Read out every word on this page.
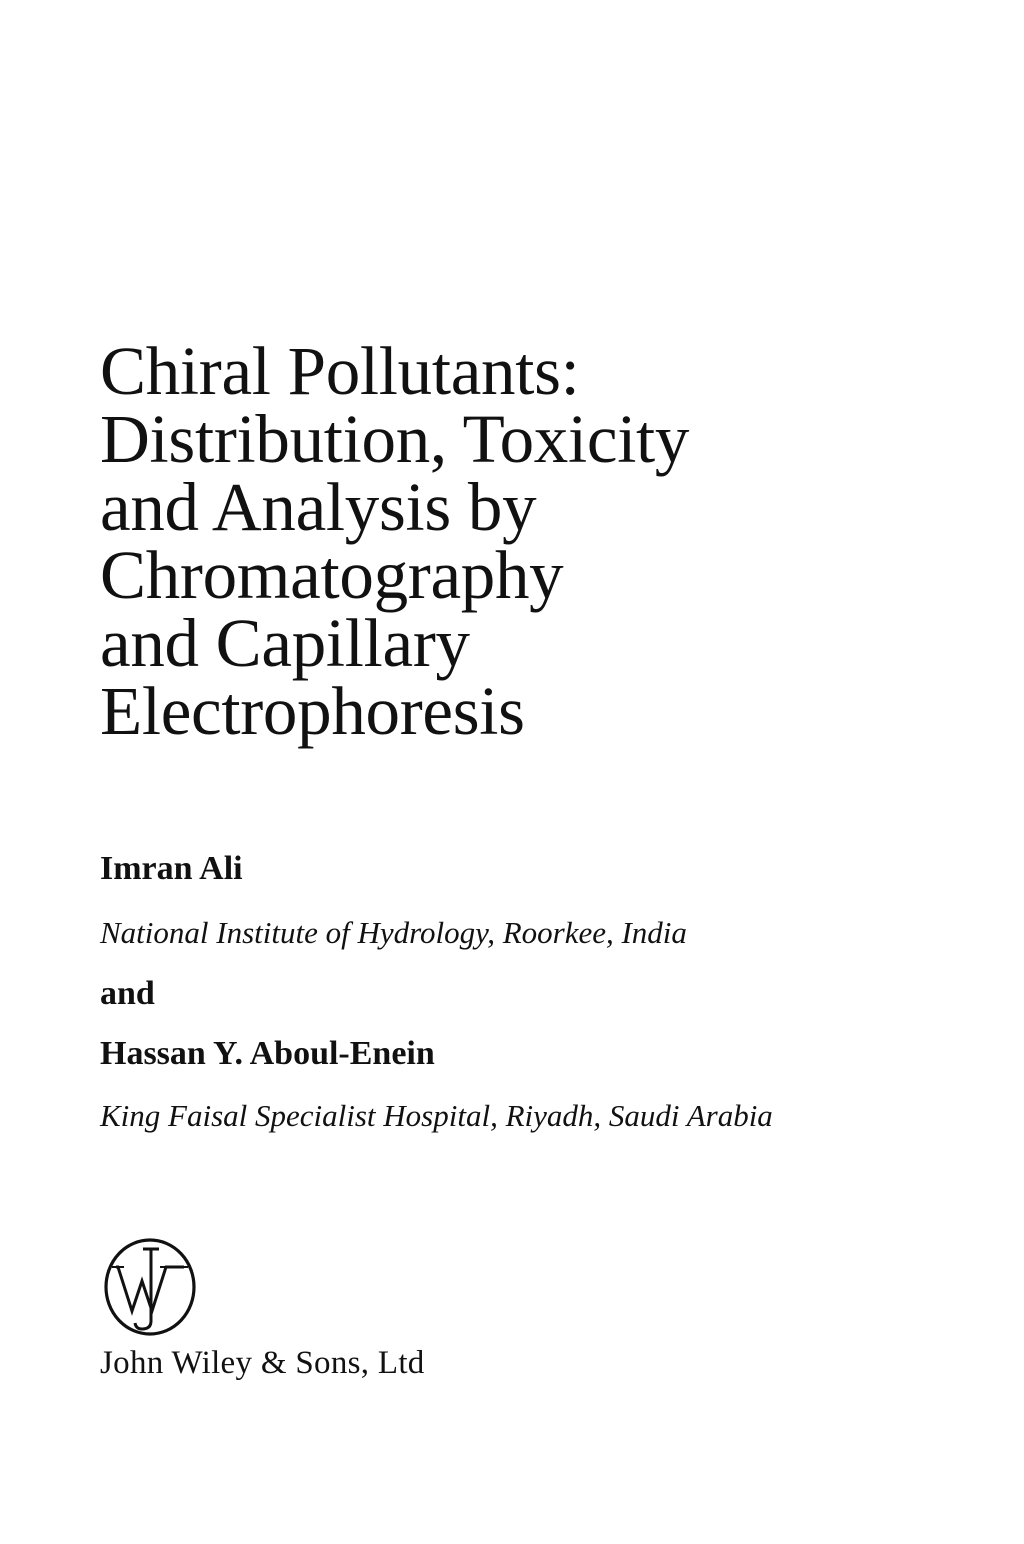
Chiral Pollutants:
Distribution, Toxicity
and Analysis by
Chromatography
and Capillary
Electrophoresis
Imran Ali
National Institute of Hydrology, Roorkee, India
and
Hassan Y. Aboul-Enein
King Faisal Specialist Hospital, Riyadh, Saudi Arabia
John Wiley & Sons, Ltd
